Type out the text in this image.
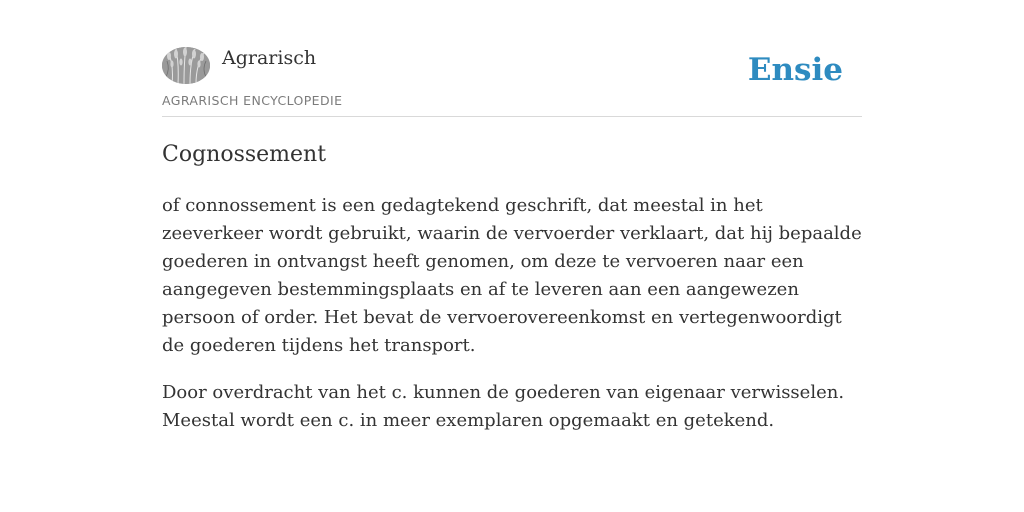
Agrarisch
AGRARISCH ENCYCLOPEDIE
Ensie
Cognossement

of connossement is een gedagtekend geschrift, dat meestal in het zeeverkeer wordt gebruikt, waarin de vervoerder verklaart, dat hij bepaalde goederen in ontvangst heeft genomen, om deze te vervoeren naar een aangegeven bestemmingsplaats en af te leveren aan een aangewezen persoon of order. Het bevat de vervoerovereenkomst en vertegenwoordigt de goederen tijdens het transport.

Door overdracht van het c. kunnen de goederen van eigenaar verwisselen. Meestal wordt een c. in meer exemplaren opgemaakt en getekend.
